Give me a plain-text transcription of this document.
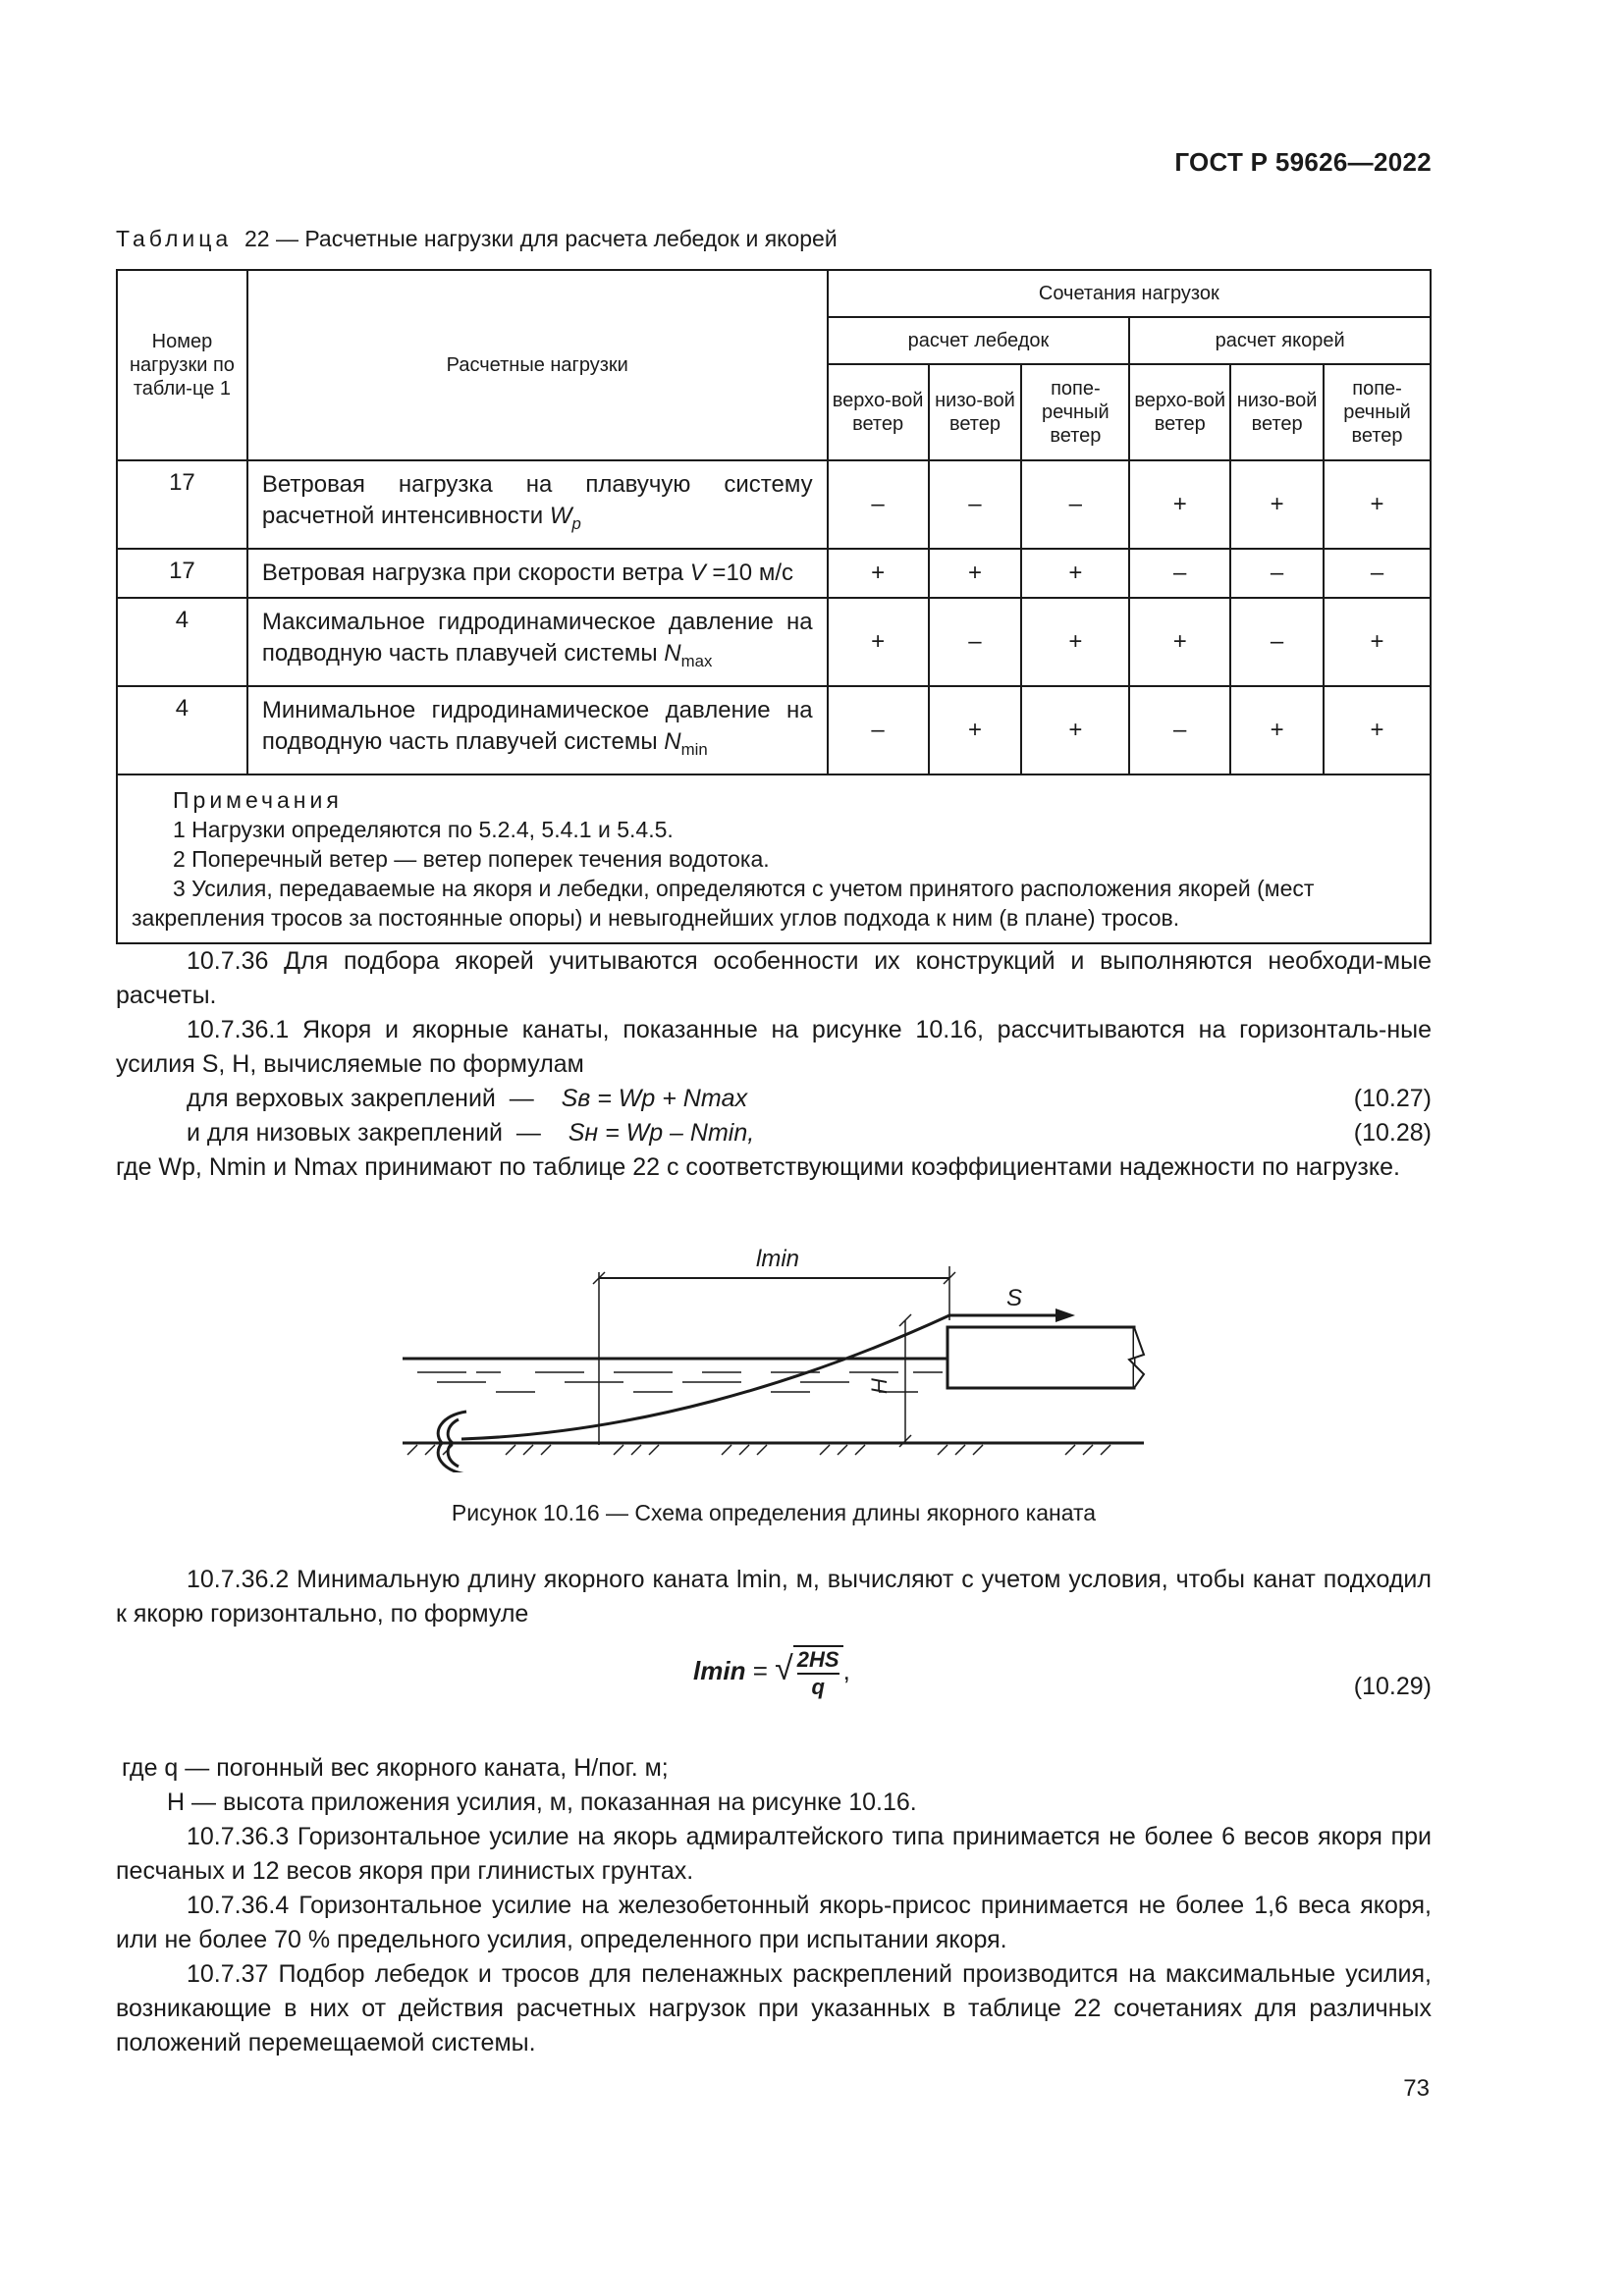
ГОСТ Р 59626—2022
Таблица 22 — Расчетные нагрузки для расчета лебедок и якорей
Номер нагрузки по табли-це 1	Расчетные нагрузки	Сочетания нагрузок					
		расчет лебедок			расчет якорей		
		верхо-вой ветер	низо-вой ветер	попе-речный ветер	верхо-вой ветер	низо-вой ветер	попе-речный ветер
17	Ветровая нагрузка на плавучую систему расчетной интенсивности $W_p$	–	–	–	+	+	+
17	Ветровая нагрузка при скорости ветра V =10 м/с	+	+	+	–	–	–
4	Максимальное гидродинамическое давление на подводную часть плавучей системы $N_{max}$	+	–	+	+	–	+
4	Минимальное гидродинамическое давление на подводную часть плавучей системы $N_{min}$	–	+	+	–	+	+

Примечания
1 Нагрузки определяются по 5.2.4, 5.4.1 и 5.4.5.
2 Поперечный ветер — ветер поперек течения водотока.
3 Усилия, передаваемые на якоря и лебедки, определяются с учетом принятого расположения якорей (мест
закрепления тросов за постоянные опоры) и невыгоднейших углов подхода к ним (в плане) тросов.							
10.7.36 Для подбора якорей учитываются особенности их конструкций и выполняются необходи-мые расчеты.
10.7.36.1 Якоря и якорные канаты, показанные на рисунке 10.16, рассчитываются на горизонталь-ные усилия S, Н, вычисляемые по формулам
для верховых закреплений  —    Sв = Wp + Nmax	(10.27)
и для низовых закреплений  —    Sн = Wp – Nmin,	(10.28)
где Wp, Nmin и Nmax принимают по таблице 22 с соответствующими коэффициентами надежности по нагрузке.
lmin
S
H
Рисунок 10.16 — Схема определения длины якорного каната
10.7.36.2 Минимальную длину якорного каната lmin, м, вычисляют с учетом условия, чтобы канат подходил к якорю горизонтально, по формуле
lmin = √ $\frac{2HS}{q}$ ,
(10.29)
где q — погонный вес якорного каната, Н/пог. м;
H — высота приложения усилия, м, показанная на рисунке 10.16.
10.7.36.3 Горизонтальное усилие на якорь адмиралтейского типа принимается не более 6 весов якоря при песчаных и 12 весов якоря при глинистых грунтах.
10.7.36.4 Горизонтальное усилие на железобетонный якорь-присос принимается не более 1,6 веса якоря, или не более 70 % предельного усилия, определенного при испытании якоря.
10.7.37 Подбор лебедок и тросов для пеленажных раскреплений производится на максимальные усилия, возникающие в них от действия расчетных нагрузок при указанных в таблице 22 сочетаниях для различных положений перемещаемой системы.
73
